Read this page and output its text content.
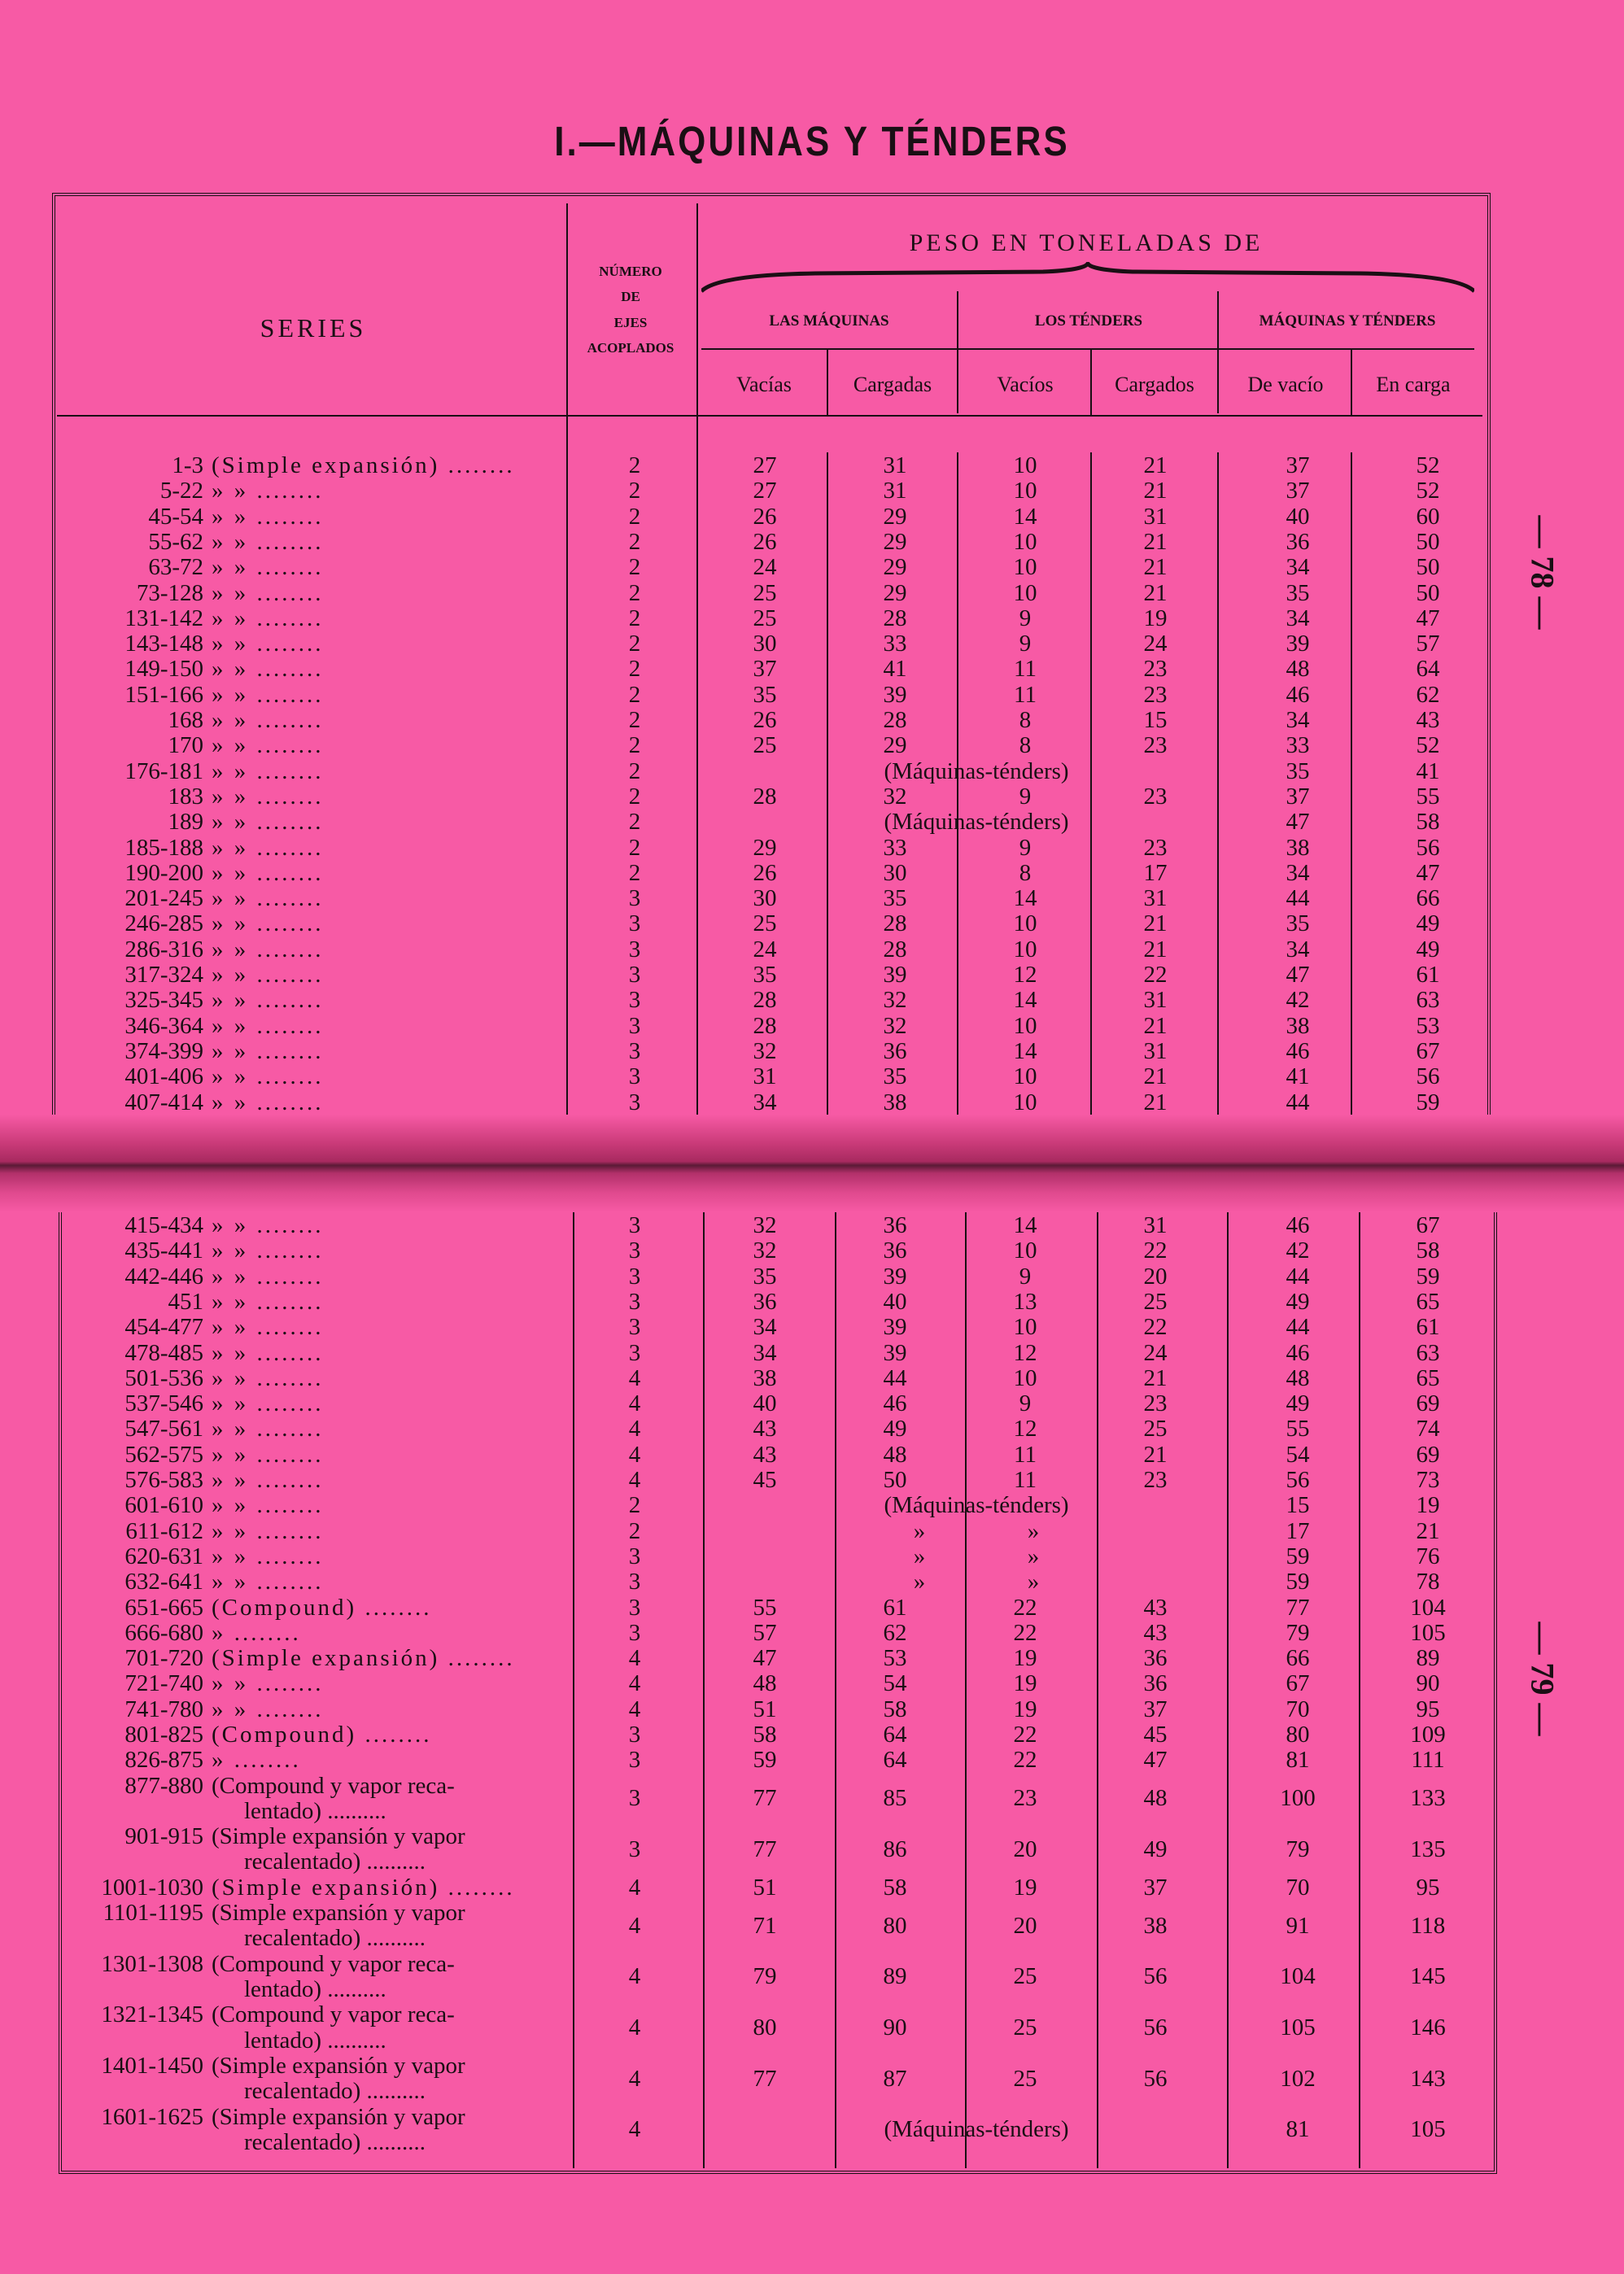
I.—MÁQUINAS Y TÉNDERS
SERIES
NÚMERO
DE
EJES
ACOPLADOS
PESO EN TONELADAS DE
LAS MÁQUINAS	LOS TÉNDERS	MÁQUINAS Y TÉNDERS
Vacías	Cargadas	Vacíos	Cargados	De vacío	En carga
1-3 (Simple expansión) ........	2	27	31	10	21	37	52
5-22 » » ........	2	27	31	10	21	37	52
45-54 » » ........	2	26	29	14	31	40	60
55-62 » » ........	2	26	29	10	21	36	50
63-72 » » ........	2	24	29	10	21	34	50
73-128 » » ........	2	25	29	10	21	35	50
131-142 » » ........	2	25	28	9	19	34	47
143-148 » » ........	2	30	33	9	24	39	57
149-150 » » ........	2	37	41	11	23	48	64
151-166 » » ........	2	35	39	11	23	46	62
168 » » ........	2	26	28	8	15	34	43
170 » » ........	2	25	29	8	23	33	52
176-181 » » ........	2	(Máquinas-ténders)	35	41
183 » » ........	2	28	32	9	23	37	55
189 » » ........	2	(Máquinas-ténders)	47	58
185-188 » » ........	2	29	33	9	23	38	56
190-200 » » ........	2	26	30	8	17	34	47
201-245 » » ........	3	30	35	14	31	44	66
246-285 » » ........	3	25	28	10	21	35	49
286-316 » » ........	3	24	28	10	21	34	49
317-324 » » ........	3	35	39	12	22	47	61
325-345 » » ........	3	28	32	14	31	42	63
346-364 » » ........	3	28	32	10	21	38	53
374-399 » » ........	3	32	36	14	31	46	67
401-406 » » ........	3	31	35	10	21	41	56
407-414 » » ........	3	34	38	10	21	44	59
415-434 » » ........	3	32	36	14	31	46	67
435-441 » » ........	3	32	36	10	22	42	58
442-446 » » ........	3	35	39	9	20	44	59
451 » » ........	3	36	40	13	25	49	65
454-477 » » ........	3	34	39	10	22	44	61
478-485 » » ........	3	34	39	12	24	46	63
501-536 » » ........	4	38	44	10	21	48	65
537-546 » » ........	4	40	46	9	23	49	69
547-561 » » ........	4	43	49	12	25	55	74
562-575 » » ........	4	43	48	11	21	54	69
576-583 » » ........	4	45	50	11	23	56	73
601-610 » » ........	2	(Máquinas-ténders)	15	19
611-612 » » ........	2	»	»	17	21
620-631 » » ........	3	»	»	59	76
632-641 » » ........	3	»	»	59	78
651-665 (Compound) ........	3	55	61	22	43	77	104
666-680 » ........	3	57	62	22	43	79	105
701-720 (Simple expansión) ........	4	47	53	19	36	66	89
721-740 » » ........	4	48	54	19	36	67	90
741-780 » » ........	4	51	58	19	37	70	95
801-825 (Compound) ........	3	58	64	22	45	80	109
826-875 » ........	3	59	64	22	47	81	111
877-880 (Compound y vapor reca-
lentado) ..........	3	77	85	23	48	100	133
901-915 (Simple expansión y vapor
recalentado) ..........	3	77	86	20	49	79	135
1001-1030 (Simple expansión) ........	4	51	58	19	37	70	95
1101-1195 (Simple expansión y vapor
recalentado) ..........	4	71	80	20	38	91	118
1301-1308 (Compound y vapor reca-
lentado) ..........	4	79	89	25	56	104	145
1321-1345 (Compound y vapor reca-
lentado) ..........	4	80	90	25	56	105	146
1401-1450 (Simple expansión y vapor
recalentado) ..........	4	77	87	25	56	102	143
1601-1625 (Simple expansión y vapor
recalentado) ..........	4	(Máquinas-ténders)	81	105
— 78 —
— 79 —
